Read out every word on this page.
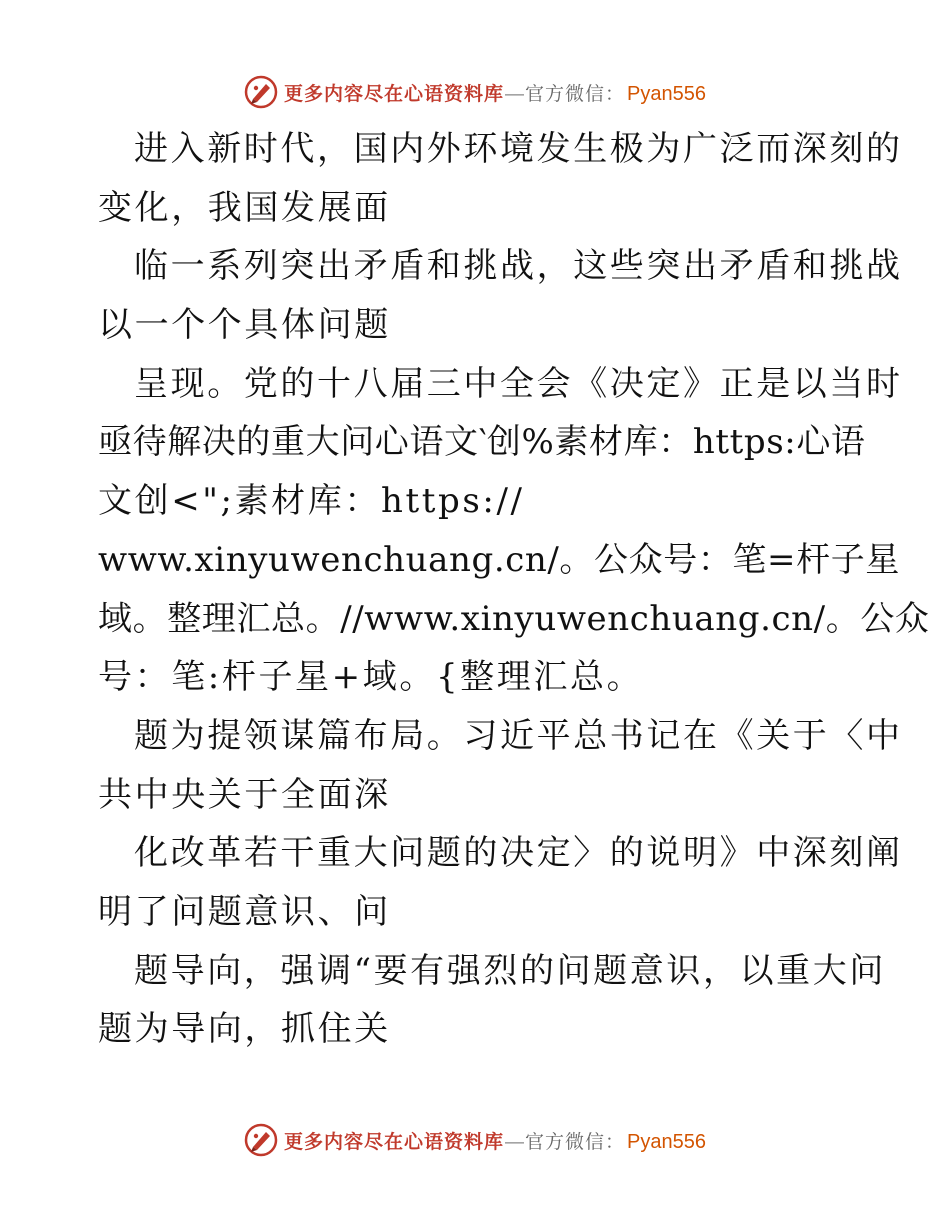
更多内容尽在心语资料库 — 官方微信： Pyan556
进入新时代，国内外环境发生极为广泛而深刻的
变化，我国发展面
临一系列突出矛盾和挑战，这些突出矛盾和挑战
以一个个具体问题
呈现。党的十八届三中全会《决定》正是以当时
亟待解决的重大问心语文‵创%素材库：https:心语
文创<";素材库：https://
www.xinyuwenchuang.cn/。公众号：笔=杆子星
域。整理汇总。//www.xinyuwenchuang.cn/。公众
号：笔:杆子星+域。{整理汇总。
题为提领谋篇布局。习近平总书记在《关于〈中
共中央关于全面深
化改革若干重大问题的决定〉的说明》中深刻阐
明了问题意识、问
题导向，强调“要有强烈的问题意识，以重大问
题为导向，抓住关
更多内容尽在心语资料库 — 官方微信： Pyan556
